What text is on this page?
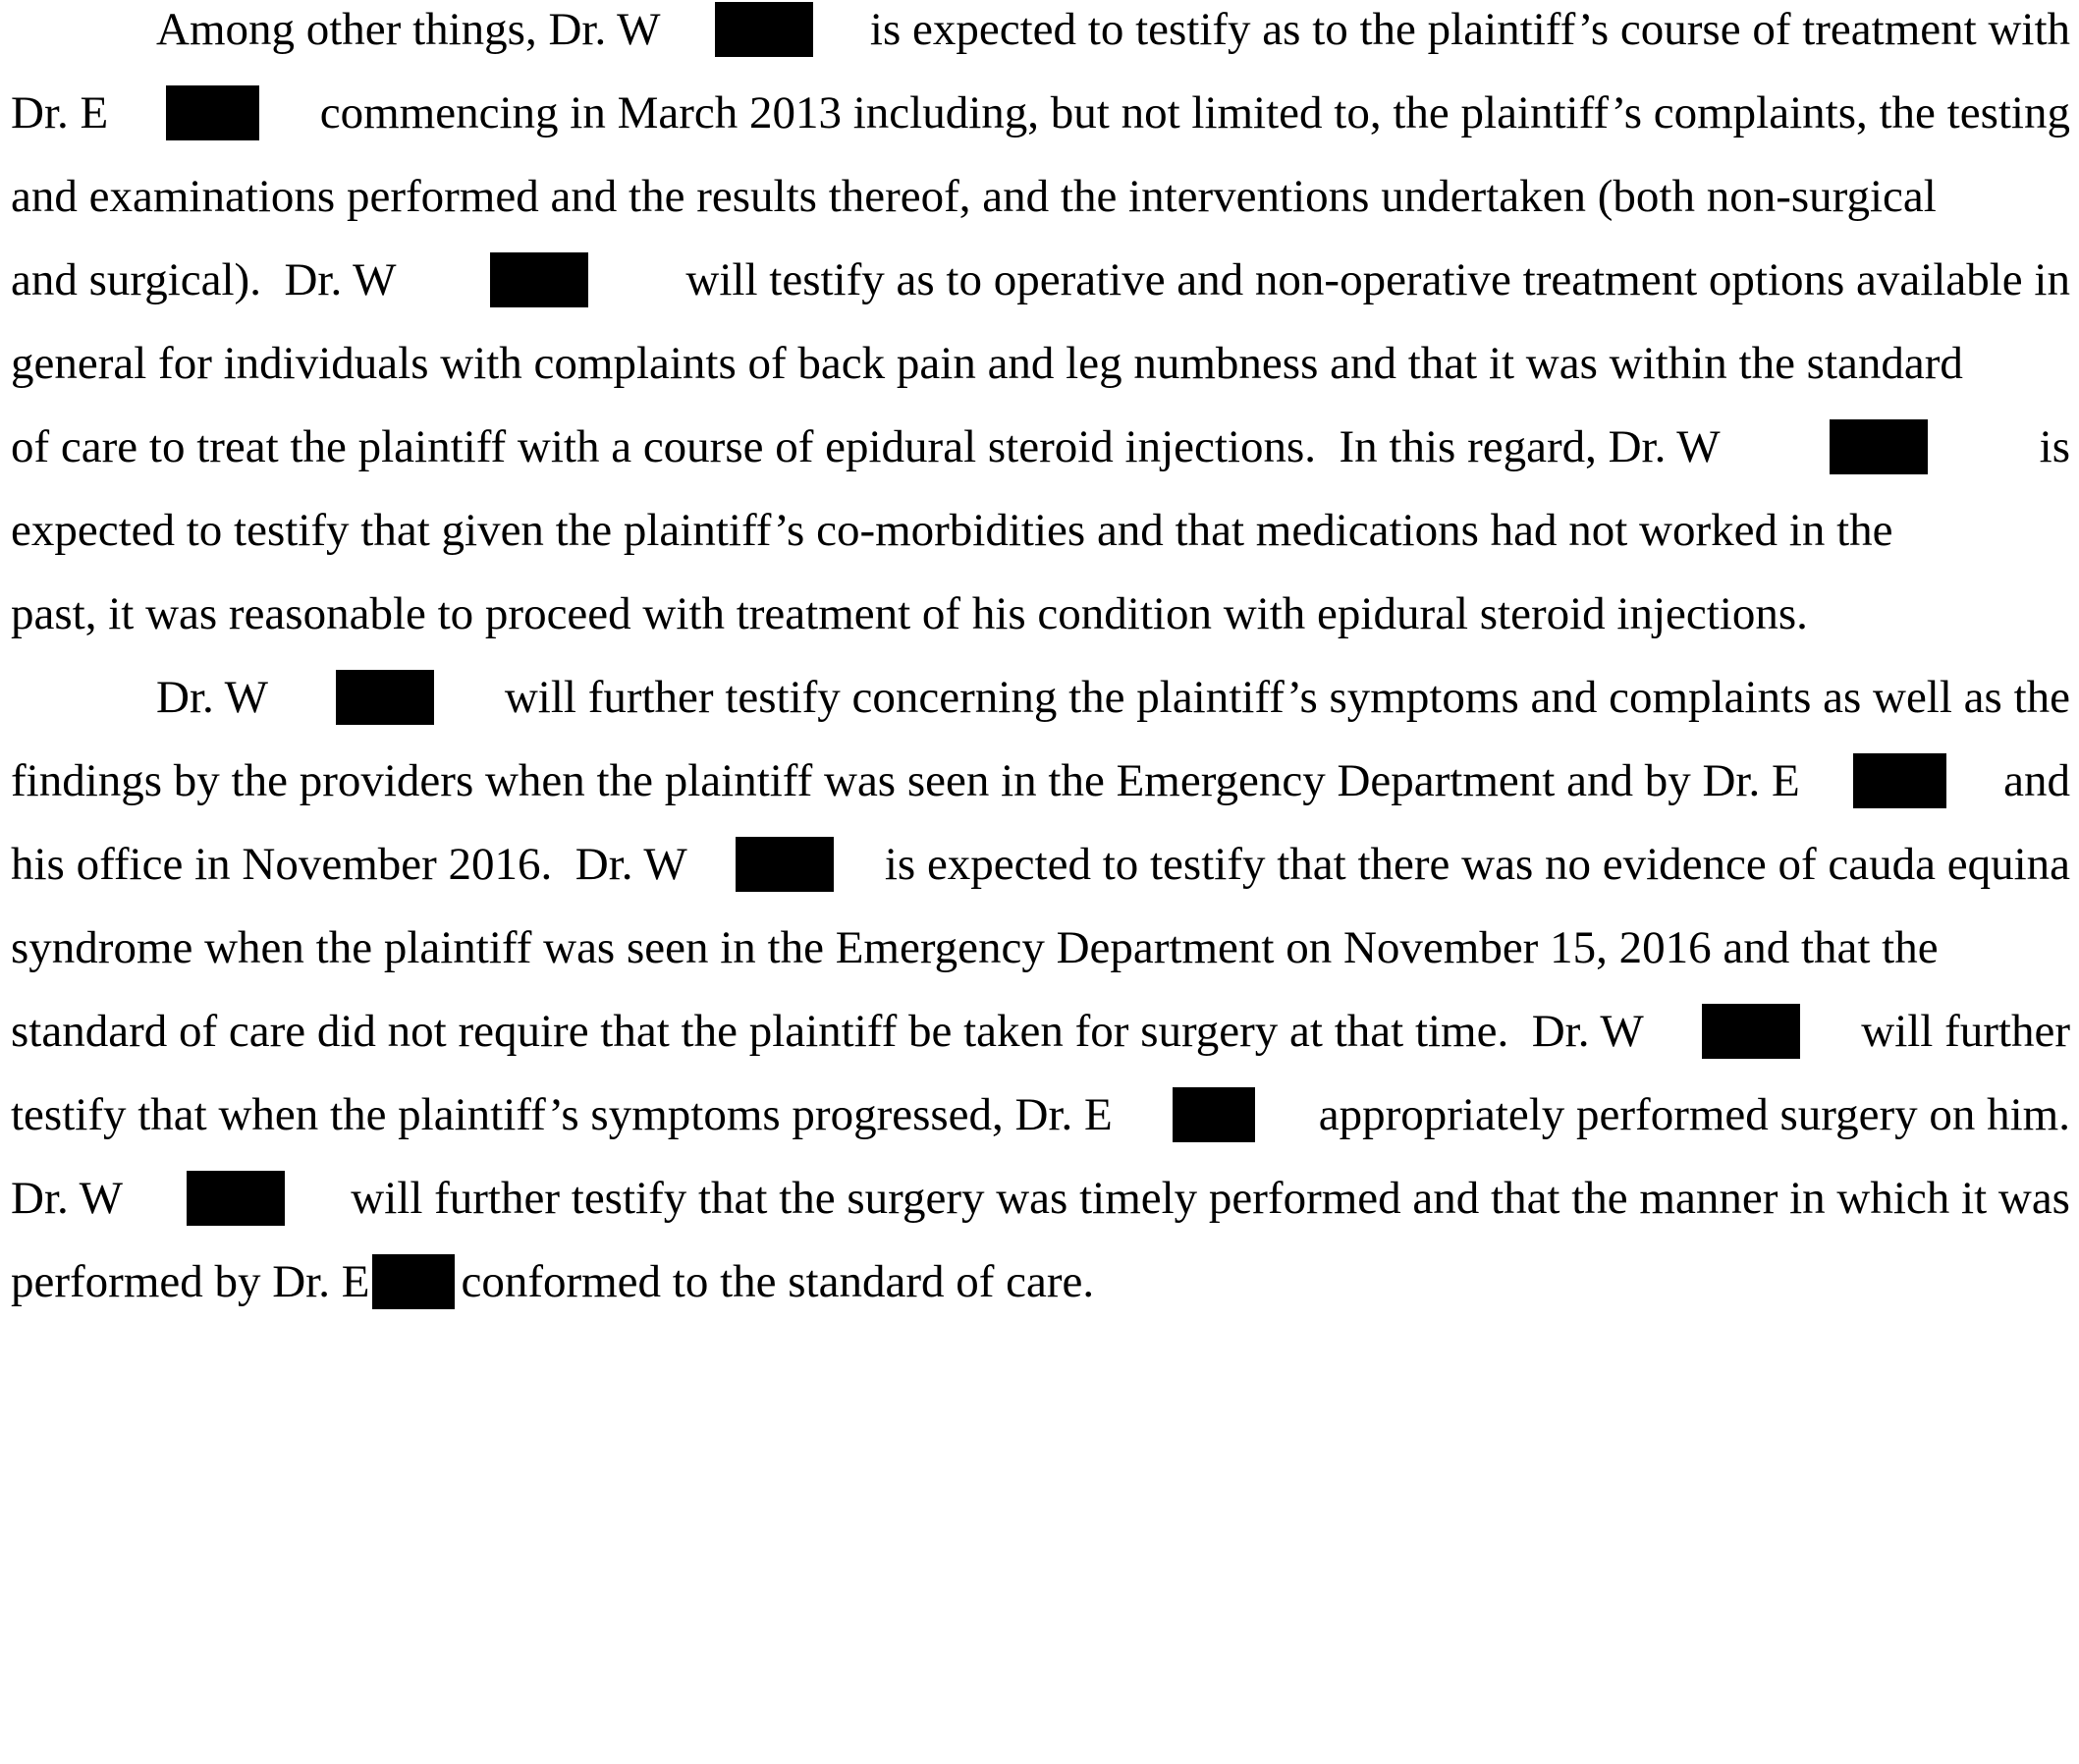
Among other things, Dr. W	is expected to testify as to the plaintiff’s course of treatment with
Dr. E	commencing in March 2013 including, but not limited to, the plaintiff’s complaints, the testing
and examinations performed and the results thereof, and the interventions undertaken (both non-surgical
and surgical).  Dr. W	will testify as to operative and non-operative treatment options available in
general for individuals with complaints of back pain and leg numbness and that it was within the standard
of care to treat the plaintiff with a course of epidural steroid injections.  In this regard, Dr. W	is
expected to testify that given the plaintiff’s co-morbidities and that medications had not worked in the
past, it was reasonable to proceed with treatment of his condition with epidural steroid injections.
Dr. W	will further testify concerning the plaintiff’s symptoms and complaints as well as the
findings by the providers when the plaintiff was seen in the Emergency Department and by Dr. E	and
his office in November 2016.  Dr. W	is expected to testify that there was no evidence of cauda equina
syndrome when the plaintiff was seen in the Emergency Department on November 15, 2016 and that the
standard of care did not require that the plaintiff be taken for surgery at that time.  Dr. W	will further
testify that when the plaintiff’s symptoms progressed, Dr. E	appropriately performed surgery on him.
Dr. W	will further testify that the surgery was timely performed and that the manner in which it was
performed by Dr. E conformed to the standard of care.
